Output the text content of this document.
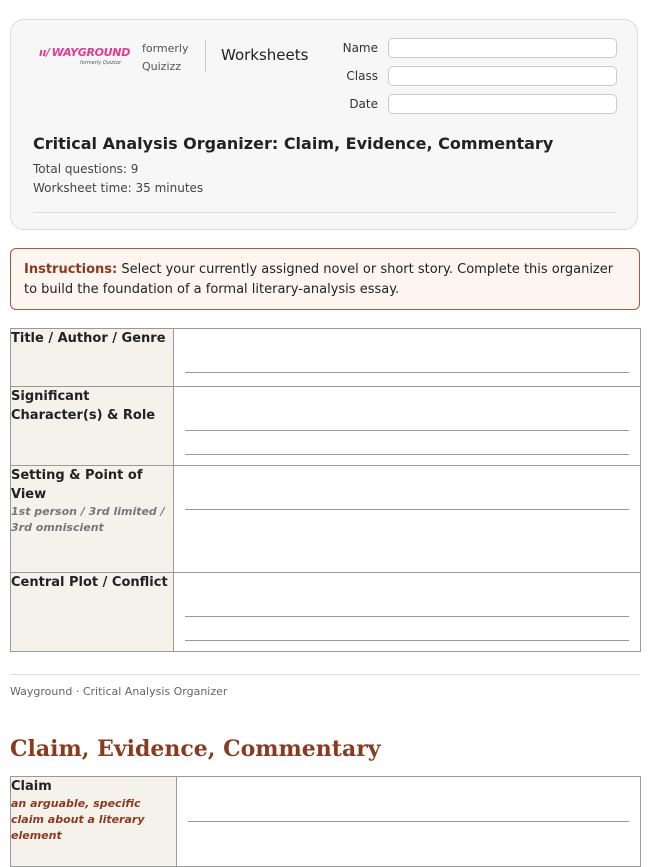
ıı/ WAYGROUND
formerly Quizizz
formerly
Quizizz
Worksheets	Name
Class
Date
Critical Analysis Organizer: Claim, Evidence, Commentary
Total questions: 9
Worksheet time: 35 minutes
Instructions: Select your currently assigned novel or short story. Complete this organizer to build the foundation of a formal literary-analysis essay.
Title / Author / Genre	

Significant Character(s) & Role	

Setting & Point of View
1st person / 3rd limited / 3rd omniscient	

Central Plot / Conflict	
Wayground · Critical Analysis Organizer
Claim, Evidence, Commentary
Claim
an arguable, specific claim about a literary element
